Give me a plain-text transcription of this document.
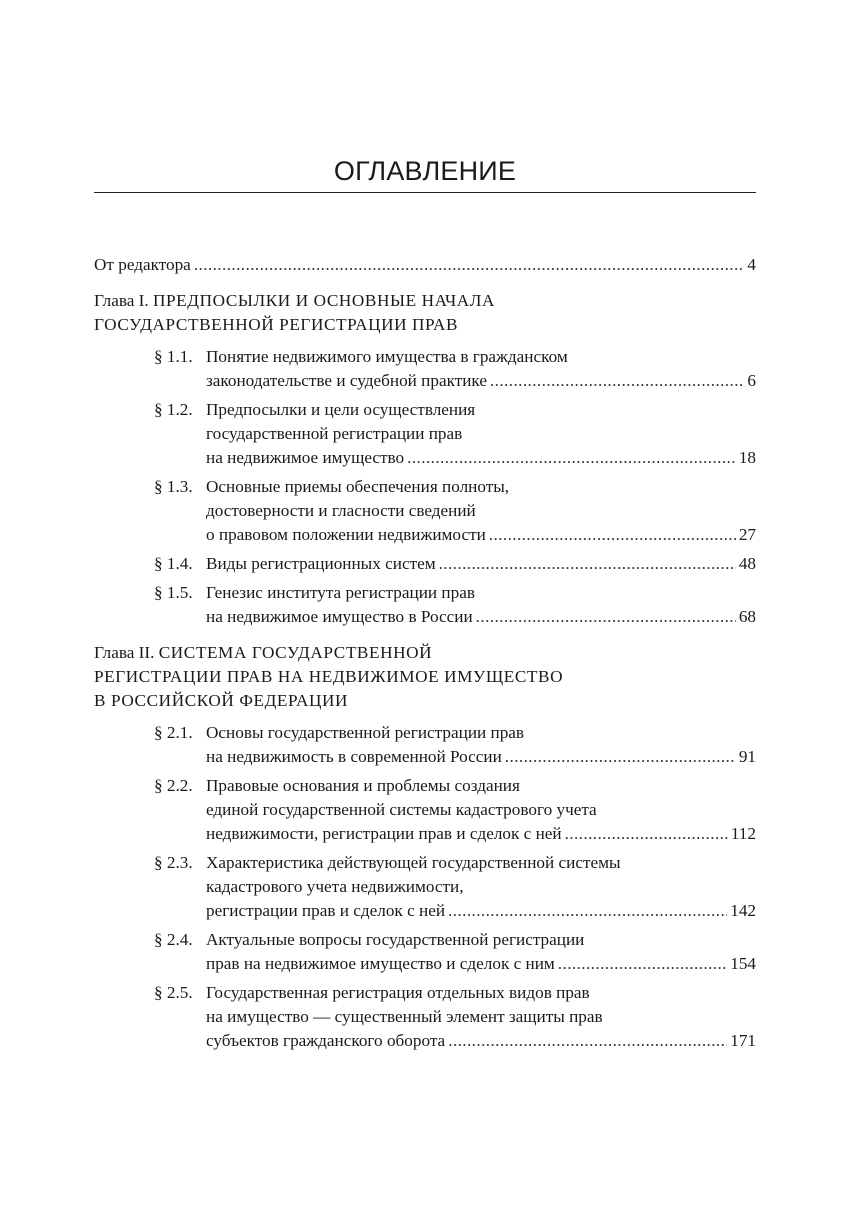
ОГЛАВЛЕНИЕ
От редактора .....	4
Глава I. ПРЕДПОСЫЛКИ И ОСНОВНЫЕ НАЧАЛА
ГОСУДАРСТВЕННОЙ РЕГИСТРАЦИИ ПРАВ
§ 1.1. Понятие недвижимого имущества в гражданском
законодательстве и судебной практике .....	6
§ 1.2. Предпосылки и цели осуществления
государственной регистрации прав
на недвижимое имущество .....	18
§ 1.3. Основные приемы обеспечения полноты,
достоверности и гласности сведений
о правовом положении недвижимости .....	27
§ 1.4. Виды регистрационных систем .....	48
§ 1.5. Генезис института регистрации прав
на недвижимое имущество в России .....	68
Глава II. СИСТЕМА ГОСУДАРСТВЕННОЙ
РЕГИСТРАЦИИ ПРАВ НА НЕДВИЖИМОЕ ИМУЩЕСТВО
В РОССИЙСКОЙ ФЕДЕРАЦИИ
§ 2.1. Основы государственной регистрации прав
на недвижимость в современной России .....	91
§ 2.2. Правовые основания и проблемы создания
единой государственной системы кадастрового учета
недвижимости, регистрации прав и сделок с ней .....	112
§ 2.3. Характеристика действующей государственной системы
кадастрового учета недвижимости,
регистрации прав и сделок с ней .....	142
§ 2.4. Актуальные вопросы государственной регистрации
прав на недвижимое имущество и сделок с ним .....	154
§ 2.5. Государственная регистрация отдельных видов прав
на имущество — существенный элемент защиты прав
субъектов гражданского оборота .....	171
